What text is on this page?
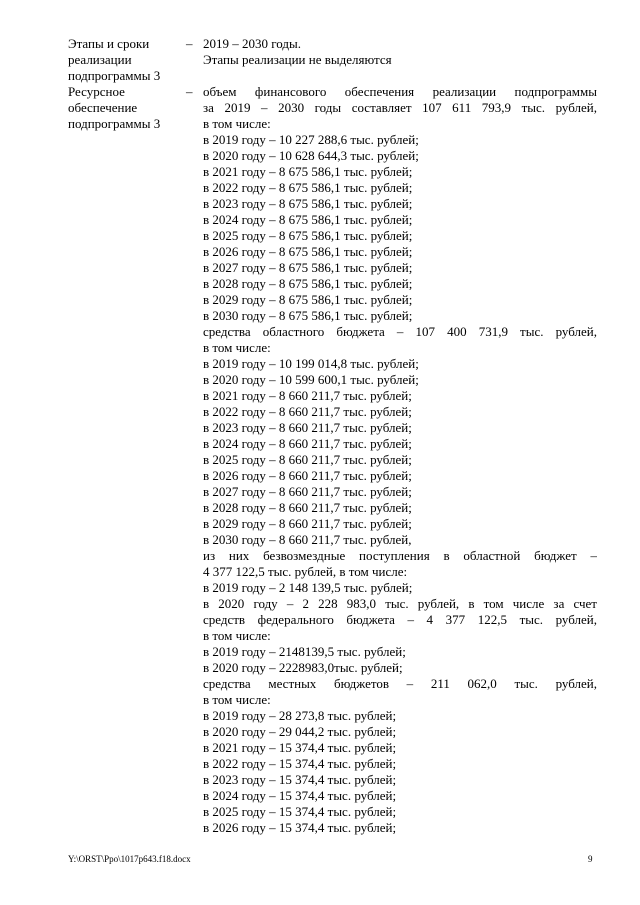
Этапы и сроки
реализации
подпрограммы 3
– 2019 – 2030 годы.
Этапы реализации не выделяются
Ресурсное
обеспечение
подпрограммы 3
– объем финансового обеспечения реализации подпрограммы
за 2019 – 2030 годы составляет 107 611 793,9 тыс. рублей,
в том числе:
в 2019 году – 10 227 288,6 тыс. рублей;
в 2020 году – 10 628 644,3 тыс. рублей;
в 2021 году – 8 675 586,1 тыс. рублей;
в 2022 году – 8 675 586,1 тыс. рублей;
в 2023 году – 8 675 586,1 тыс. рублей;
в 2024 году – 8 675 586,1 тыс. рублей;
в 2025 году – 8 675 586,1 тыс. рублей;
в 2026 году – 8 675 586,1 тыс. рублей;
в 2027 году – 8 675 586,1 тыс. рублей;
в 2028 году – 8 675 586,1 тыс. рублей;
в 2029 году – 8 675 586,1 тыс. рублей;
в 2030 году – 8 675 586,1 тыс. рублей;
средства областного бюджета – 107 400 731,9 тыс. рублей,
в том числе:
в 2019 году – 10 199 014,8 тыс. рублей;
в 2020 году – 10 599 600,1 тыс. рублей;
в 2021 году – 8 660 211,7 тыс. рублей;
в 2022 году – 8 660 211,7 тыс. рублей;
в 2023 году – 8 660 211,7 тыс. рублей;
в 2024 году – 8 660 211,7 тыс. рублей;
в 2025 году – 8 660 211,7 тыс. рублей;
в 2026 году – 8 660 211,7 тыс. рублей;
в 2027 году – 8 660 211,7 тыс. рублей;
в 2028 году – 8 660 211,7 тыс. рублей;
в 2029 году – 8 660 211,7 тыс. рублей;
в 2030 году – 8 660 211,7 тыс. рублей,
из них безвозмездные поступления в областной бюджет –
4 377 122,5 тыс. рублей, в том числе:
в 2019 году – 2 148 139,5 тыс. рублей;
в 2020 году – 2 228 983,0 тыс. рублей, в том числе за счет
средств федерального бюджета – 4 377 122,5 тыс. рублей,
в том числе:
в 2019 году – 2148139,5 тыс. рублей;
в 2020 году – 2228983,0тыс. рублей;
средства местных бюджетов – 211 062,0 тыс. рублей,
в том числе:
в 2019 году – 28 273,8 тыс. рублей;
в 2020 году – 29 044,2 тыс. рублей;
в 2021 году – 15 374,4 тыс. рублей;
в 2022 году – 15 374,4 тыс. рублей;
в 2023 году – 15 374,4 тыс. рублей;
в 2024 году – 15 374,4 тыс. рублей;
в 2025 году – 15 374,4 тыс. рублей;
в 2026 году – 15 374,4 тыс. рублей;
Y:\ORST\Ppo\1017p643.f18.docx	9
